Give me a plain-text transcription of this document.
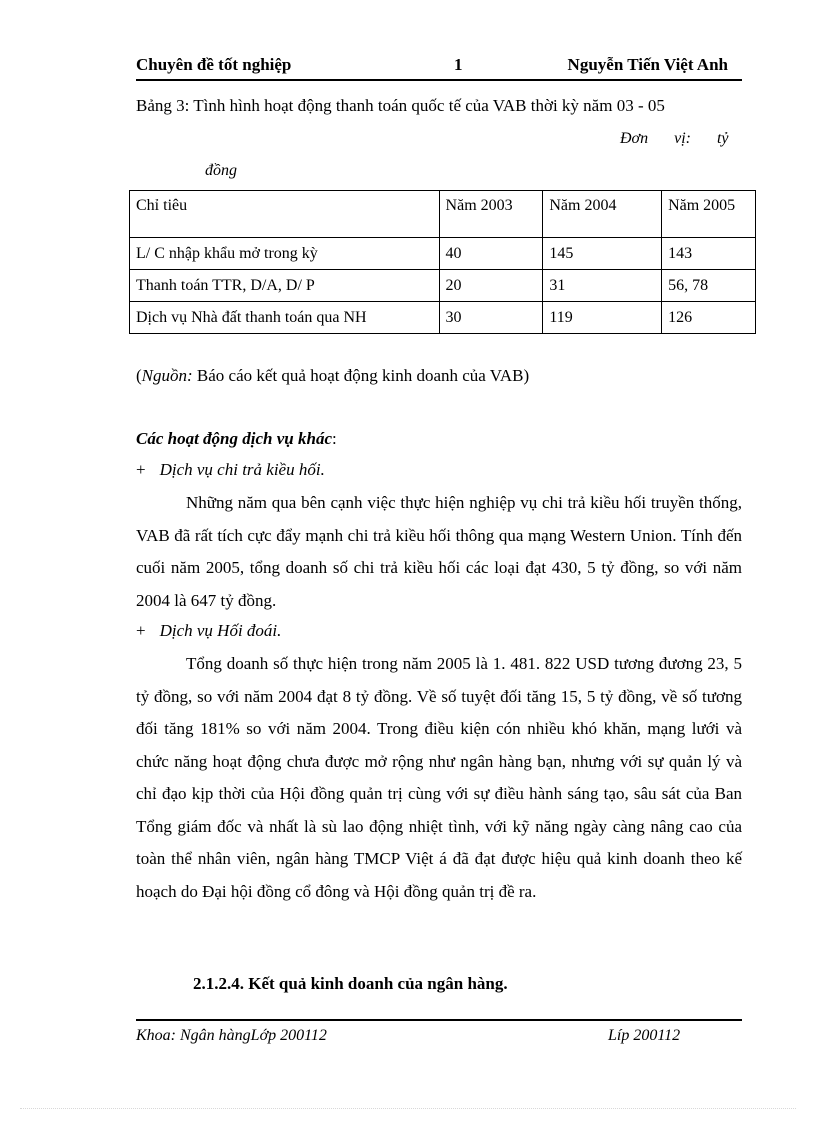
Chuyên đề tốt nghiệp	1	Nguyễn Tiến Việt Anh
Bảng 3: Tình hình hoạt động thanh toán quốc tế của VAB thời kỳ năm 03 - 05
Đơn vị: tỷ
đồng
Chỉ tiêu	Năm 2003	Năm 2004	Năm 2005
L/ C nhập khẩu mở trong kỳ	40	145	143
Thanh toán TTR, D/A, D/ P	20	31	56, 78
Dịch vụ Nhà đất thanh toán qua NH	30	119	126
(Nguồn: Báo cáo kết quả hoạt động kinh doanh của VAB)
Các hoạt động dịch vụ khác:
+ Dịch vụ chi trả kiều hối.
Những năm qua bên cạnh việc thực hiện nghiệp vụ chi trả kiều hối truyền thống, VAB đã rất tích cực đẩy mạnh chi trả kiều hối thông qua mạng Western Union. Tính đến cuối năm 2005, tổng doanh số chi trả kiều hối các loại đạt 430, 5 tỷ đồng, so với năm 2004 là 647 tỷ đồng.
+ Dịch vụ Hối đoái.
Tổng doanh số thực hiện trong năm 2005 là 1. 481. 822 USD tương đương 23, 5 tỷ đồng, so với năm 2004 đạt 8 tỷ đồng. Về số tuyệt đối tăng 15, 5 tỷ đồng, về số tương đối tăng 181% so với năm 2004. Trong điều kiện cón nhiều khó khăn, mạng lưới và chức năng hoạt động chưa được mở rộng như ngân hàng bạn, nhưng với sự quản lý và chỉ đạo kịp thời của Hội đồng quản trị cùng với sự điều hành sáng tạo, sâu sát của Ban Tổng giám đốc và nhất là sù lao động nhiệt tình, với kỹ năng ngày càng nâng cao của toàn thể nhân viên, ngân hàng TMCP Việt á đã đạt được hiệu quả kinh doanh theo kế hoạch do Đại hội đồng cổ đông và Hội đồng quản trị đề ra.
2.1.2.4. Kết quả kinh doanh của ngân hàng.
Khoa: Ngân hàngLớp 200112	Líp 200112
